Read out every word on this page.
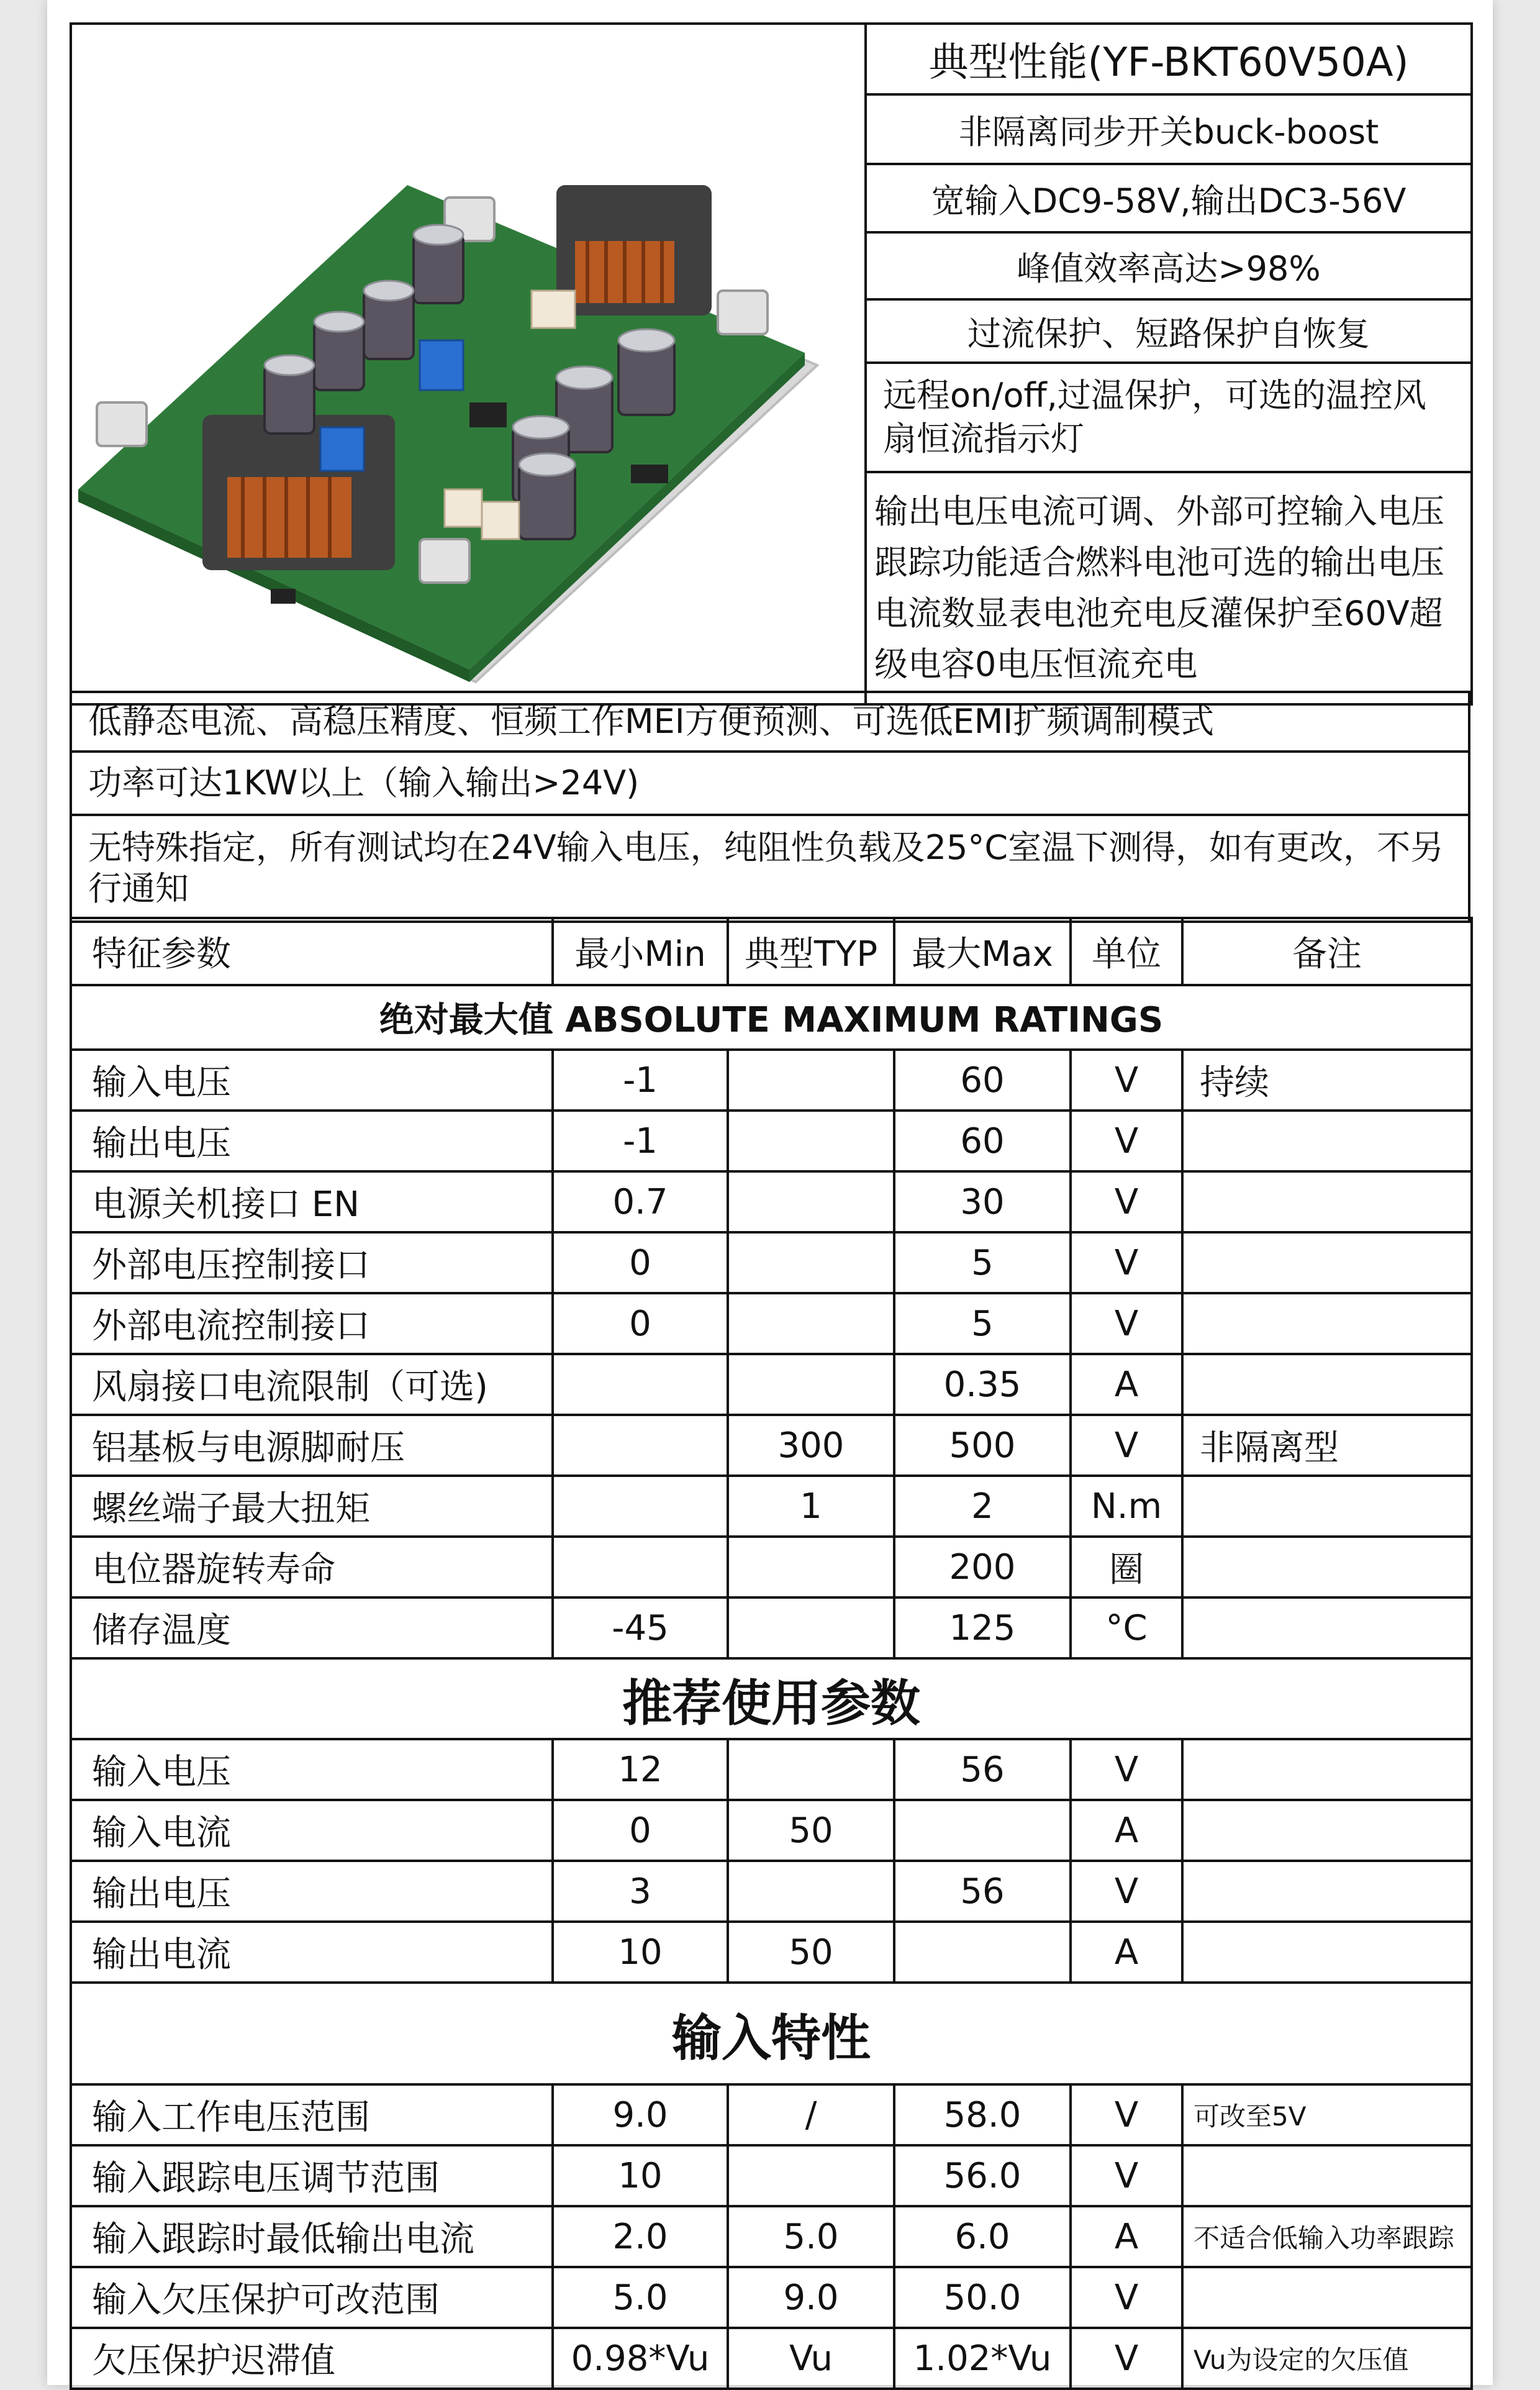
	典型性能(YF-BKT60V50A)
非隔离同步开关buck-boost
宽输入DC9-58V,输出DC3-56V
峰值效率高达>98%
过流保护、短路保护自恢复
远程on/off,过温保护，可选的温控风扇恒流指示灯
输出电压电流可调、外部可控输入电压跟踪功能适合燃料电池可选的输出电压电流数显表电池充电反灌保护至60V超级电容0电压恒流充电
低静态电流、高稳压精度、恒频工作MEI方便预测、可选低EMI扩频调制模式
功率可达1KW以上（输入输出>24V)
无特殊指定，所有测试均在24V输入电压，纯阻性负载及25°C室温下测得，如有更改，不另行通知
特征参数	最小Min	典型TYP	最大Max	单位	备注
绝对最大值 ABSOLUTE MAXIMUM RATINGS					
输入电压	-1		60	V	持续
输出电压	-1		60	V	
电源关机接口 EN	0.7		30	V	
外部电压控制接口	0		5	V	
外部电流控制接口	0		5	V	
风扇接口电流限制（可选)			0.35	A	
铝基板与电源脚耐压		300	500	V	非隔离型
螺丝端子最大扭矩		1	2	N.m	
电位器旋转寿命			200	圈	
储存温度	-45		125	°C	
推荐使用参数					
输入电压	12		56	V	
输入电流	0	50		A	
输出电压	3		56	V	
输出电流	10	50		A	
输入特性					
输入工作电压范围	9.0	/	58.0	V	可改至5V
输入跟踪电压调节范围	10		56.0	V	
输入跟踪时最低输出电流	2.0	5.0	6.0	A	不适合低输入功率跟踪
输入欠压保护可改范围	5.0	9.0	50.0	V	
欠压保护迟滞值	0.98*Vu	Vu	1.02*Vu	V	Vu为设定的欠压值
